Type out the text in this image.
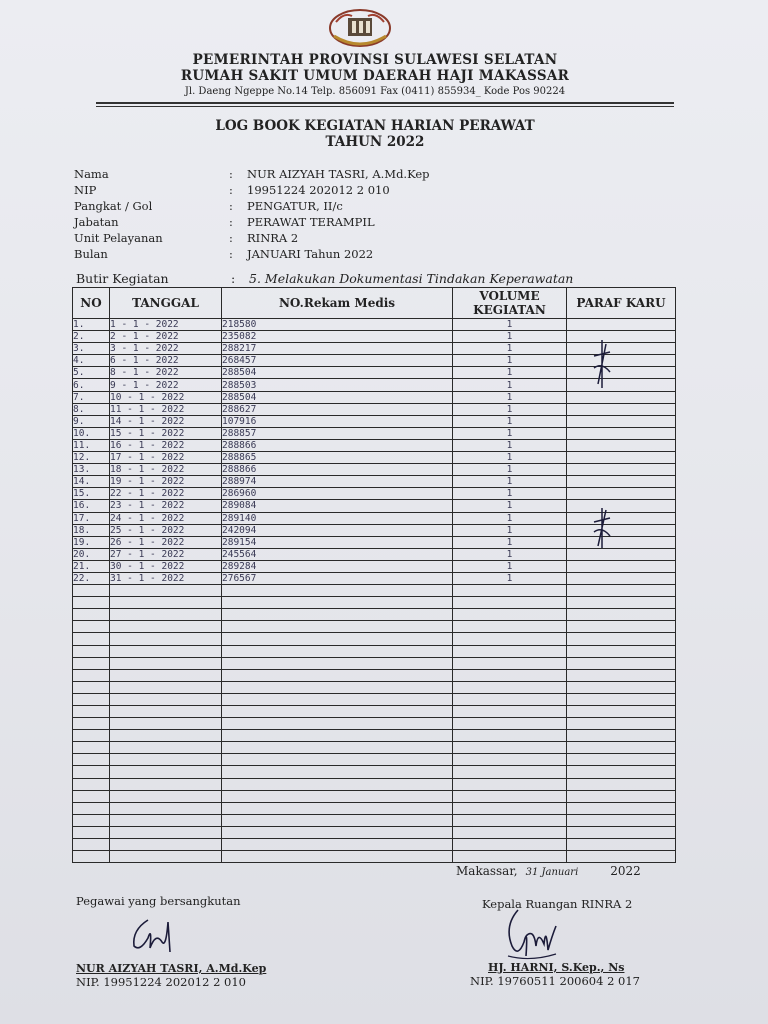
PEMERINTAH PROVINSI SULAWESI SELATAN
RUMAH SAKIT UMUM DAERAH HAJI MAKASSAR
Jl. Daeng Ngeppe No.14 Telp. 856091 Fax (0411) 855934_ Kode Pos 90224
LOG BOOK KEGIATAN HARIAN PERAWAT
TAHUN 2022
Nama	:	NUR AIZYAH TASRI, A.Md.Kep
NIP	:	19951224 202012 2 010
Pangkat / Gol	:	PENGATUR, II/c
Jabatan	:	PERAWAT TERAMPIL
Unit Pelayanan	:	RINRA 2
Bulan	:	JANUARI Tahun 2022
Butir Kegiatan	:	5. Melakukan Dokumentasi Tindakan Keperawatan
NO	TANGGAL	NO.Rekam Medis	VOLUME KEGIATAN	PARAF KARU
1.	1 - 1 - 2022	218580	1	
2.	2 - 1 - 2022	235082	1	
3.	3 - 1 - 2022	288217	1	
4.	6 - 1 - 2022	268457	1	
5.	8 - 1 - 2022	288504	1	
6.	9 - 1 - 2022	288503	1	
7.	10 - 1 - 2022	288504	1	
8.	11 - 1 - 2022	288627	1	
9.	14 - 1 - 2022	107916	1	
10.	15 - 1 - 2022	288857	1	
11.	16 - 1 - 2022	288866	1	
12.	17 - 1 - 2022	288865	1	
13.	18 - 1 - 2022	288866	1	
14.	19 - 1 - 2022	288974	1	
15.	22 - 1 - 2022	286960	1	
16.	23 - 1 - 2022	289084	1	
17.	24 - 1 - 2022	289140	1	
18.	25 - 1 - 2022	242094	1	
19.	26 - 1 - 2022	289154	1	
20.	27 - 1 - 2022	245564	1	
21.	30 - 1 - 2022	289284	1	
22.	31 - 1 - 2022	276567	1	

Makassar, 31 Januari	2022
Pegawai yang bersangkutan
NUR AIZYAH TASRI, A.Md.Kep
NIP. 19951224 202012 2 010
Kepala Ruangan RINRA 2
HJ. HARNI, S.Kep., Ns
NIP. 19760511 200604 2 017
